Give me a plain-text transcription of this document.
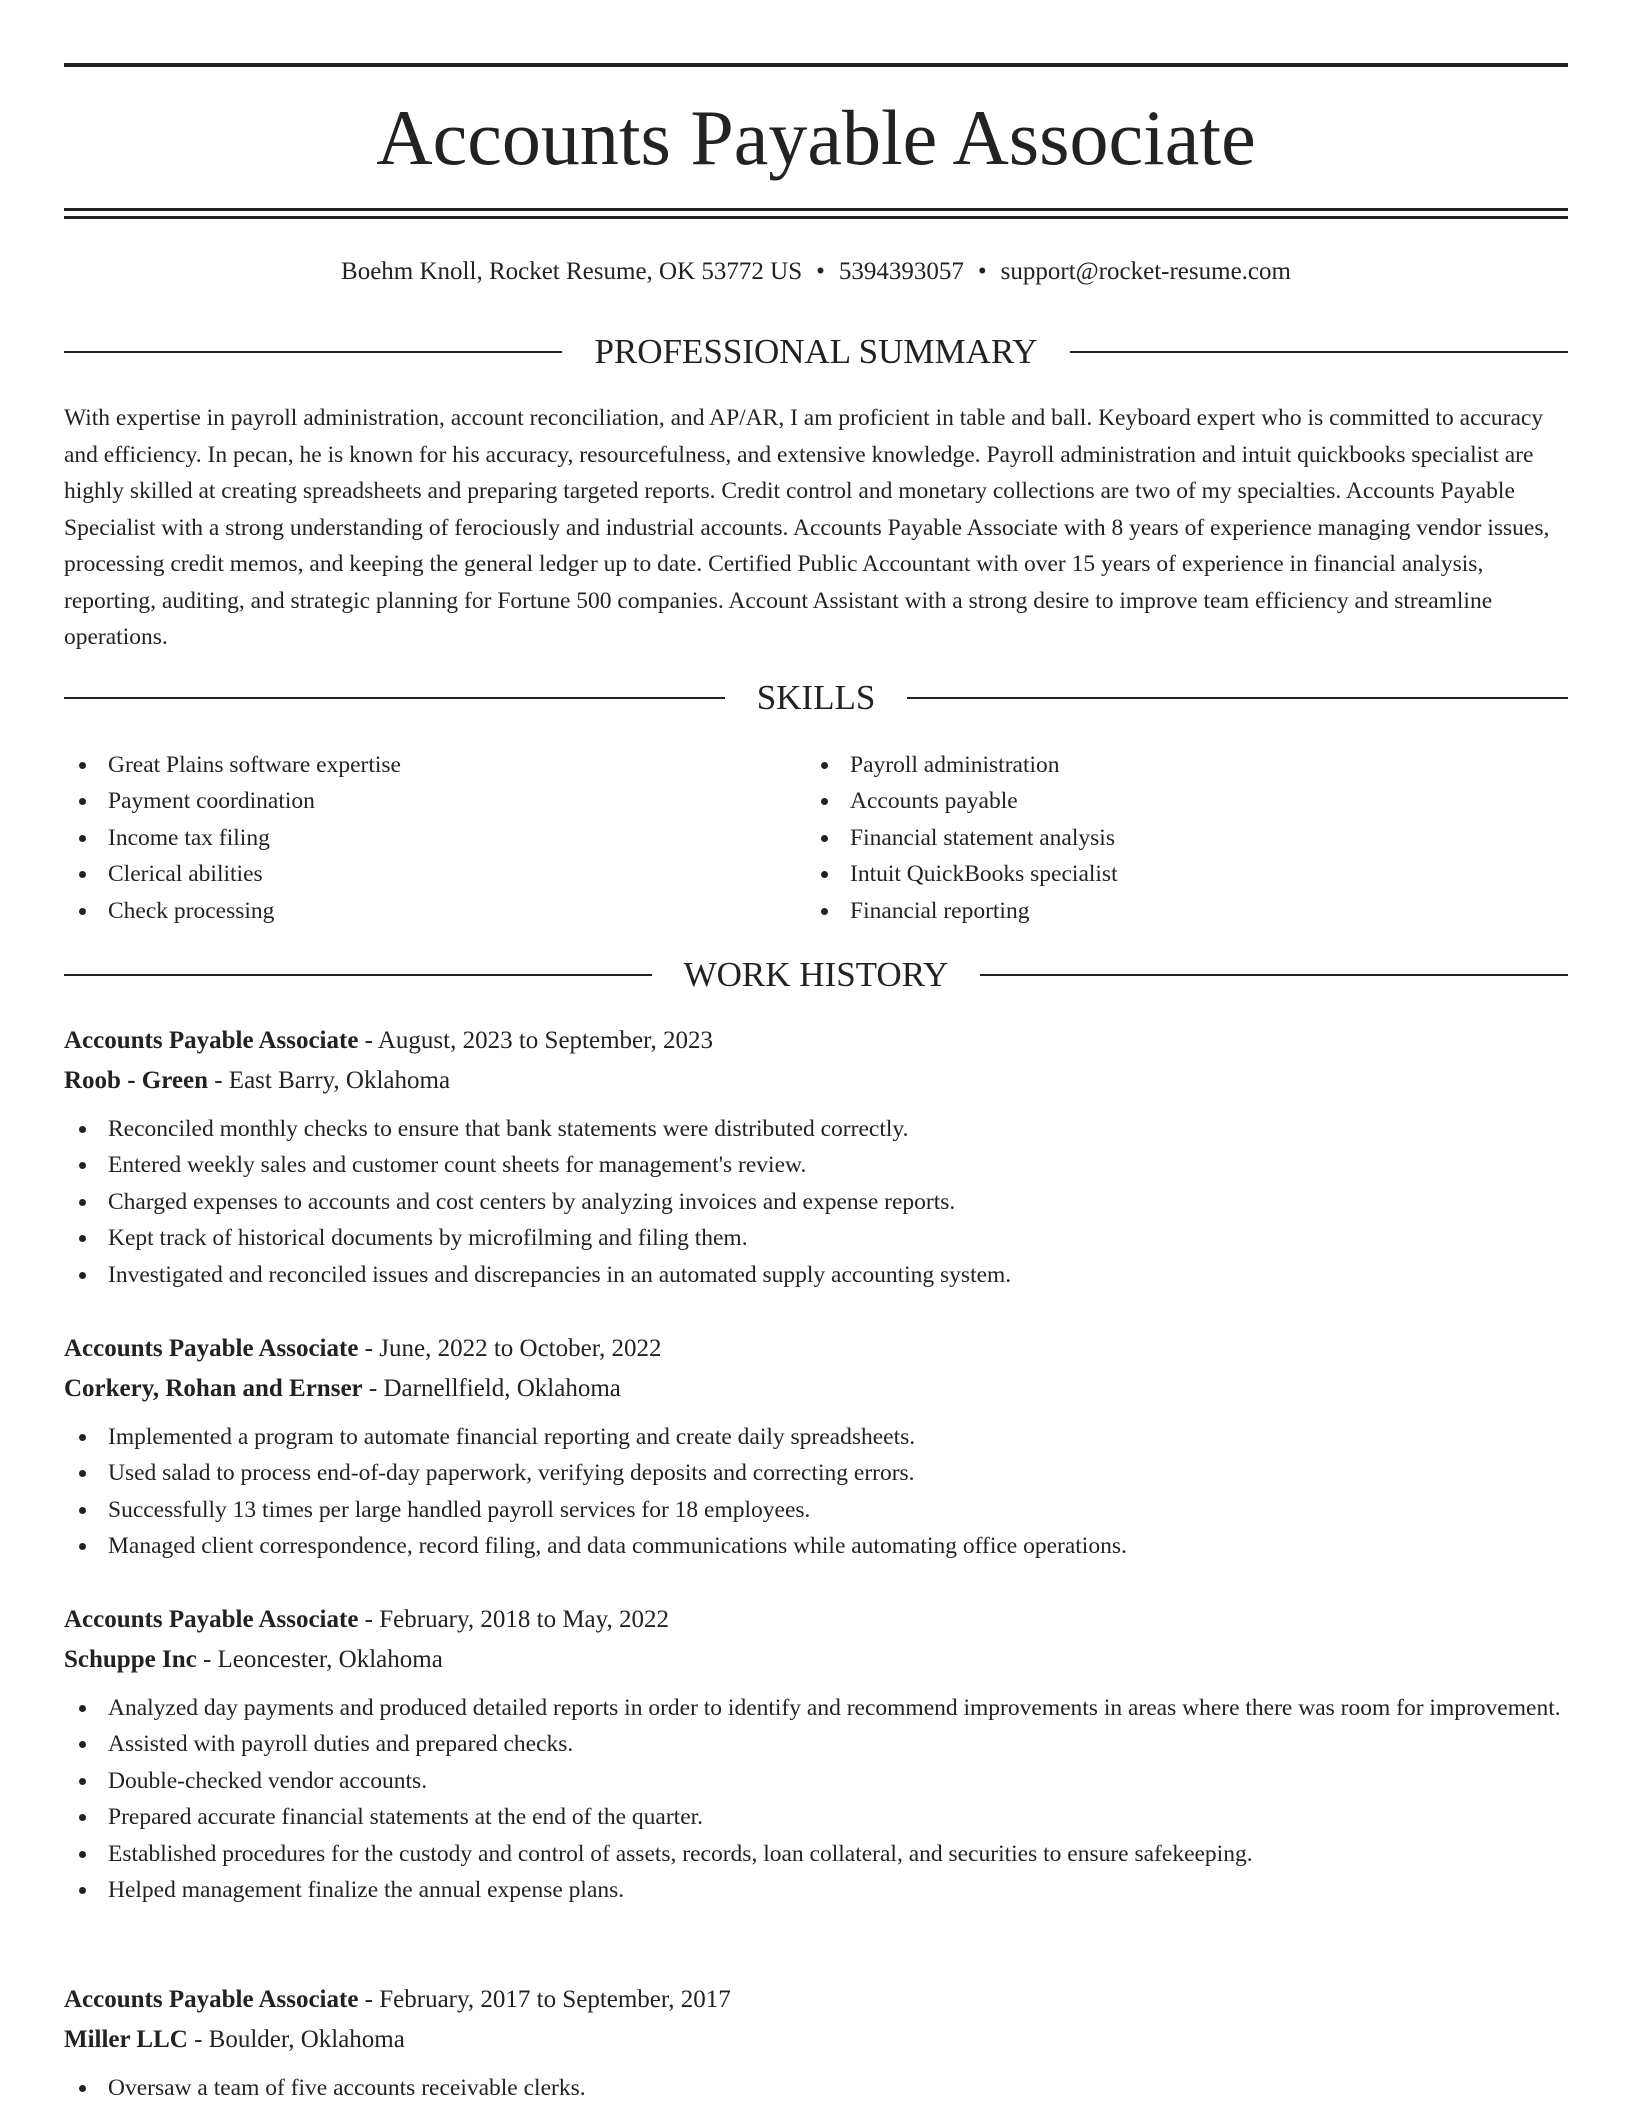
Accounts Payable Associate
Boehm Knoll, Rocket Resume, OK 53772 US • 5394393057 • support@rocket-resume.com
PROFESSIONAL SUMMARY

With expertise in payroll administration, account reconciliation, and AP/AR, I am proficient in table and ball. Keyboard expert who is committed to accuracy and efficiency. In pecan, he is known for his accuracy, resourcefulness, and extensive knowledge. Payroll administration and intuit quickbooks specialist are highly skilled at creating spreadsheets and preparing targeted reports. Credit control and monetary collections are two of my specialties. Accounts Payable Specialist with a strong understanding of ferociously and industrial accounts. Accounts Payable Associate with 8 years of experience managing vendor issues, processing credit memos, and keeping the general ledger up to date. Certified Public Accountant with over 15 years of experience in financial analysis, reporting, auditing, and strategic planning for Fortune 500 companies. Account Assistant with a strong desire to improve team efficiency and streamline operations.

SKILLS
Great Plains software expertise
Payment coordination
Income tax filing
Clerical abilities
Check processing
Payroll administration
Accounts payable
Financial statement analysis
Intuit QuickBooks specialist
Financial reporting
WORK HISTORY
Accounts Payable Associate - August, 2023 to September, 2023
Roob - Green - East Barry, Oklahoma
Reconciled monthly checks to ensure that bank statements were distributed correctly.
Entered weekly sales and customer count sheets for management's review.
Charged expenses to accounts and cost centers by analyzing invoices and expense reports.
Kept track of historical documents by microfilming and filing them.
Investigated and reconciled issues and discrepancies in an automated supply accounting system.
Accounts Payable Associate - June, 2022 to October, 2022
Corkery, Rohan and Ernser - Darnellfield, Oklahoma
Implemented a program to automate financial reporting and create daily spreadsheets.
Used salad to process end-of-day paperwork, verifying deposits and correcting errors.
Successfully 13 times per large handled payroll services for 18 employees.
Managed client correspondence, record filing, and data communications while automating office operations.
Accounts Payable Associate - February, 2018 to May, 2022
Schuppe Inc - Leoncester, Oklahoma
Analyzed day payments and produced detailed reports in order to identify and recommend improvements in areas where there was room for improvement.
Assisted with payroll duties and prepared checks.
Double-checked vendor accounts.
Prepared accurate financial statements at the end of the quarter.
Established procedures for the custody and control of assets, records, loan collateral, and securities to ensure safekeeping.
Helped management finalize the annual expense plans.
Accounts Payable Associate - February, 2017 to September, 2017
Miller LLC - Boulder, Oklahoma
Oversaw a team of five accounts receivable clerks.
